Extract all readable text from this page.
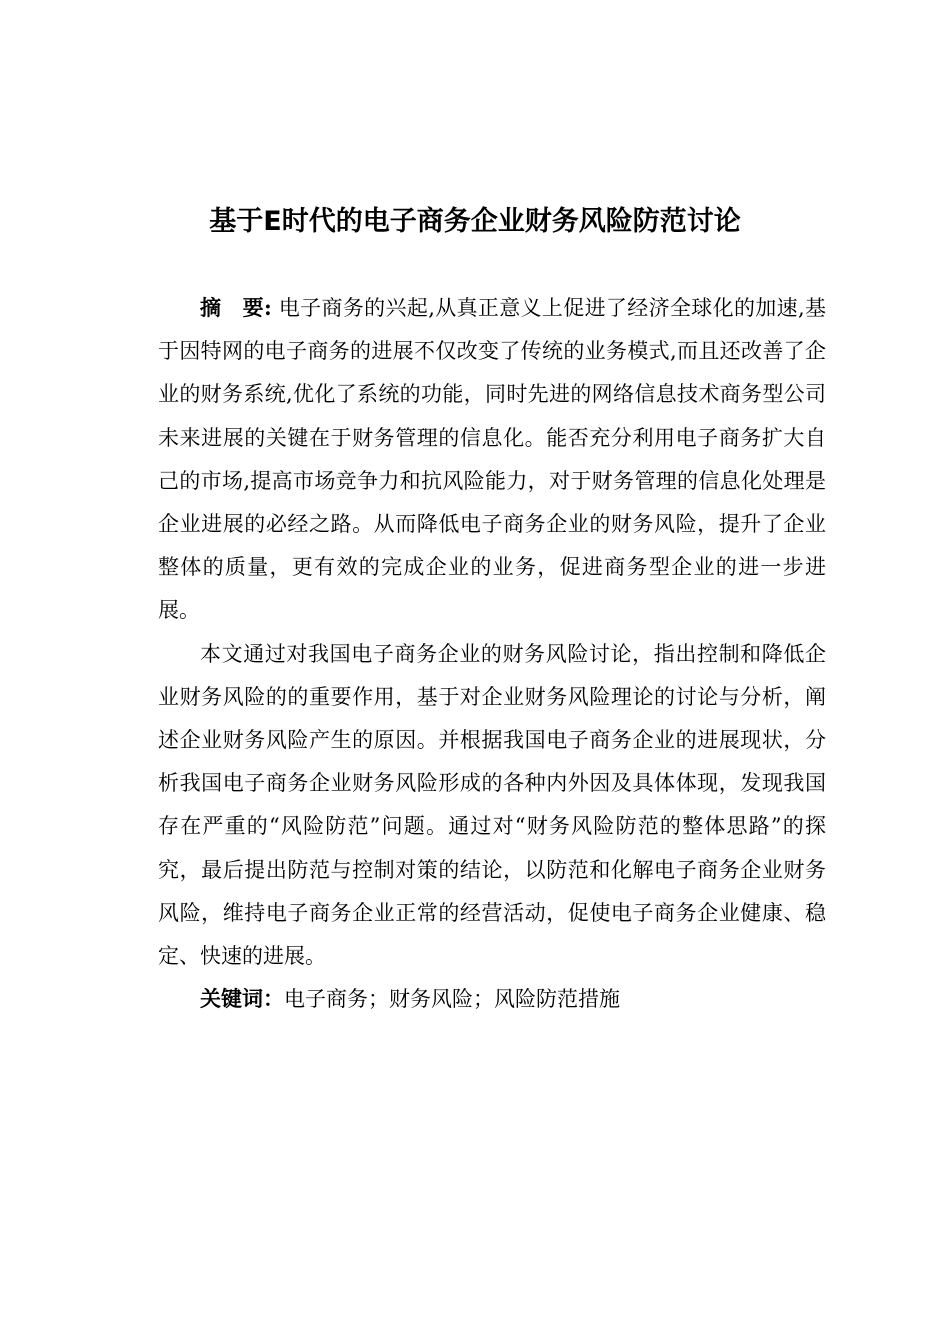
基于E时代的电子商务企业财务风险防范讨论

摘　要: 电子商务的兴起,从真正意义上促进了经济全球化的加速,基于因特网的电子商务的进展不仅改变了传统的业务模式,而且还改善了企业的财务系统,优化了系统的功能，同时先进的网络信息技术商务型公司未来进展的关键在于财务管理的信息化。能否充分利用电子商务扩大自己的市场,提高市场竞争力和抗风险能力，对于财务管理的信息化处理是企业进展的必经之路。从而降低电子商务企业的财务风险，提升了企业整体的质量，更有效的完成企业的业务，促进商务型企业的进一步进展。

本文通过对我国电子商务企业的财务风险讨论，指出控制和降低企业财务风险的的重要作用，基于对企业财务风险理论的讨论与分析，阐述企业财务风险产生的原因。并根据我国电子商务企业的进展现状，分析我国电子商务企业财务风险形成的各种内外因及具体体现，发现我国存在严重的“风险防范”问题。通过对“财务风险防范的整体思路”的探究，最后提出防范与控制对策的结论，以防范和化解电子商务企业财务风险，维持电子商务企业正常的经营活动，促使电子商务企业健康、稳定、快速的进展。

关键词：电子商务；财务风险；风险防范措施
